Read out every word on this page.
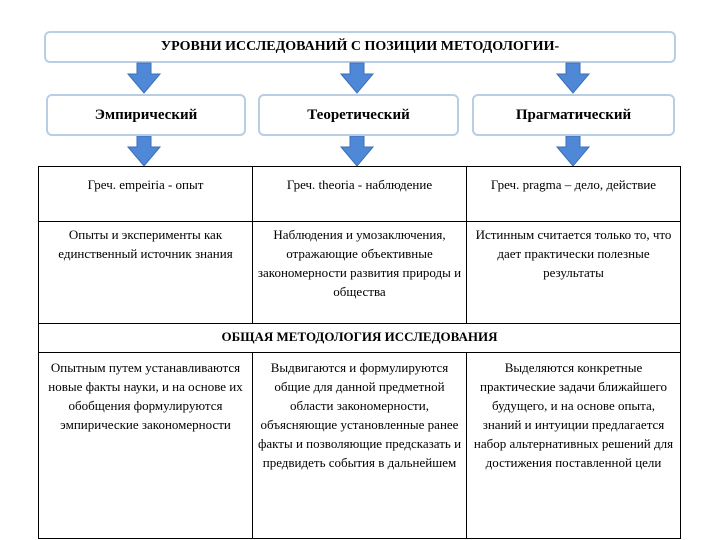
УРОВНИ ИССЛЕДОВАНИЙ С ПОЗИЦИИ МЕТОДОЛОГИИ-
Эмпирический	Теоретический	Прагматический
Греч. empeiria - опыт	Греч. theoria - наблюдение	Греч. pragma – дело, действие
Опыты и эксперименты как единственный источник знания	Наблюдения и умозаключения, отражающие объективные закономерности развития природы и общества	Истинным считается только то, что дает практически полезные результаты
ОБЩАЯ МЕТОДОЛОГИЯ ИССЛЕДОВАНИЯ		
Опытным путем устанавливаются новые факты науки, и на основе их обобщения формулируются эмпирические закономерности	Выдвигаются и формулируются общие для данной предметной области закономерности, объясняющие установленные ранее факты и позволяющие предсказать и предвидеть события в дальнейшем	Выделяются конкретные практические задачи ближайшего будущего, и на основе опыта, знаний и интуиции предлагается набор альтернативных решений для достижения поставленной цели
